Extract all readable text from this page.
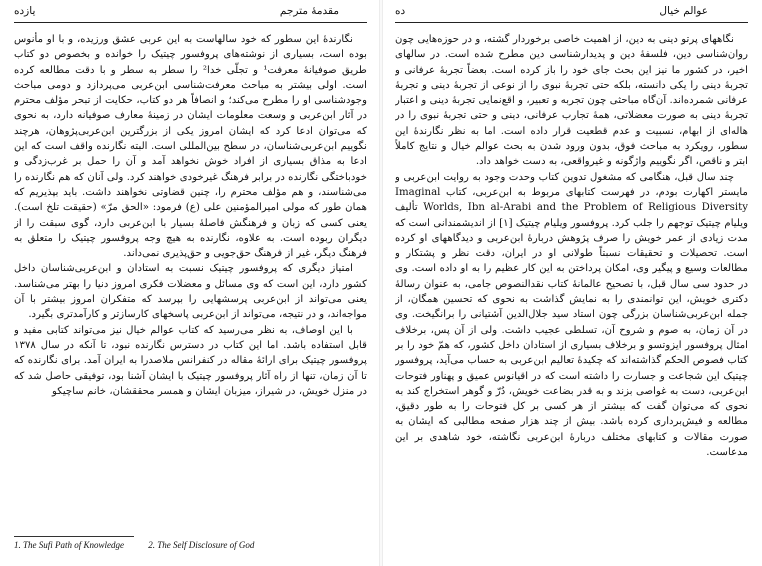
مقدمهٔ مترجم
یازده

نگارندهٔ این سطور که خود سالهاست به این عربی عشق ورزیده، و با او مأنوس بوده است، بسیاری از نوشته‌های پروفسور چیتیک را خوانده و بخصوص دو کتاب طریق صوفیانهٔ معرفت¹ و تجلّی خدا² را سطر به سطر و با دقت مطالعه کرده است. اولی بیشتر به مباحث معرفت‌شناسی ابن‌عربی می‌پردازد و دومی مباحث وجودشناسی او را مطرح می‌کند؛ و انصافاً هر دو کتاب، حکایت از تبحر مؤلف محترم در آثار ابن‌عربی و وسعت معلومات ایشان در زمینهٔ معارف صوفیانه دارد، به نحوی که می‌توان ادعا کرد که ایشان امروز یکی از بزرگترین ابن‌عربی‌پژوهان، هرچند نگوییم ابن‌عربی‌شناسان، در سطح بین‌المللی است. البته نگارنده واقف است که این ادعا به مذاق بسیاری از افراد خوش نخواهد آمد و آن را حمل بر غرب‌زدگی و خودباختگی نگارنده در برابر فرهنگ غیرخودی خواهند کرد. ولی آنان که هم نگارنده را می‌شناسند، و هم مؤلف محترم را، چنین قضاوتی نخواهند داشت. باید بپذیریم که همان طور که مولی امیرالمؤمنین علی (ع) فرمود: «الحق مرّ» (حقیقت تلخ است). یعنی کسی که زبان و فرهنگش فاصلهٔ بسیار با ابن‌عربی دارد، گوی سبقت را از دیگران ربوده است. به علاوه، نگارنده به هیچ وجه پروفسور چیتیک را متعلق به فرهنگ دیگر، غیر از فرهنگ حق‌جویی و حق‌پذیری نمی‌داند.

امتیاز دیگری که پروفسور چیتیک نسبت به استادان و ابن‌عربی‌شناسان داخل کشور دارد، این است که وی مسائل و معضلات فکری امروز دنیا را بهتر می‌شناسد. یعنی می‌تواند از ابن‌عربی پرسشهایی را بپرسد که متفکران امروز بیشتر با آن مواجه‌اند، و در نتیجه، می‌تواند از ابن‌عربی پاسخهای کارسازتر و کارآمدتری بگیرد.

با این اوصاف، به نظر می‌رسید که کتاب عوالم خیال نیز می‌تواند کتابی مفید و قابل استفاده باشد. اما این کتاب در دسترس نگارنده نبود، تا آنکه در سال ۱۳۷۸ پروفسور چیتیک برای ارائهٔ مقاله در کنفرانس ملاصدرا به ایران آمد. برای نگارنده که تا آن زمان، تنها از راه آثار پروفسور چیتیک با ایشان آشنا بود، توفیقی حاصل شد که در منزل خویش، در شیراز، میزبان ایشان و همسر محققشان، خانم ساچیکو

1. The Sufi Path of Knowledge	2. The Self Disclosure of God
عوالم خیال
ده

نگاههای پرتو دینی به دین، از اهمیت خاصی برخوردار گشته، و در حوزه‌هایی چون روان‌شناسی دین، فلسفهٔ دین و پدیدارشناسی دین مطرح شده است. در سالهای اخیر، در کشور ما نیز این بحث جای خود را باز کرده است. بعضاً تجربهٔ عرفانی و تجربهٔ دینی را یکی دانسته، بلکه حتی تجربهٔ نبوی را از نوعی از تجربهٔ دینی و تجربهٔ عرفانی شمرده‌اند. آن‌گاه مباحثی چون تجربه و تعبیر، و اقع‌نمایی تجربهٔ دینی و اعتبار تجربهٔ دینی به صورت معضلاتی، همهٔ تجارب عرفانی، دینی و حتی تجربهٔ نبوی را در هاله‌ای از ابهام، نسبیت و عدم قطعیت قرار داده است. اما به نظر نگارندهٔ این سطور، رویکرد به مباحث فوق، بدون ورود شدن به بحث عوالم خیال و نتایج کاملاً ابتر و ناقص، اگر نگوییم واژگونه و غیرواقعی، به دست خواهد داد.

چند سال قبل، هنگامی که مشغول تدوین کتاب وحدت وجود به روایت ابن‌عربی و مایستر اکهارت بودم، در فهرست کتابهای مربوط به ابن‌عربی، کتاب Imaginal Worlds, Ibn al-Arabi and the Problem of Religious Diversity تألیف ویلیام چیتیک توجهم را جلب کرد. پروفسور ویلیام چیتیک [۱] از اندیشمندانی است که مدت زیادی از عمر خویش را صرف پژوهش دربارهٔ ابن‌عربی و دیدگاههای او کرده است. تحصیلات و تحقیقات نسبتاً طولانی او در ایران، دقت نظر و پشتکار و مطالعات وسیع و پیگیر وی، امکان پرداختن به این کار عظیم را به او داده است. وی در حدود سی سال قبل، با تصحیح عالمانهٔ کتاب نقدالنصوص جامی، به عنوان رسالهٔ دکتری خویش، این توانمندی را به نمایش گذاشت به نحوی که تحسین همگان، از جمله ابن‌عربی‌شناسان بزرگی چون استاد سید جلال‌الدین آشتیانی را برانگیخت. وی در آن زمان، به صوم و شروح آن، تسلطی عجیب داشت. ولی از آن پس، برخلاف امثال پروفسور ایزوتسو و برخلاف بسیاری از استادان داخل کشور، که همّ خود را بر کتاب فصوص الحکم گذاشته‌اند که چکیدهٔ تعالیم ابن‌عربی به حساب می‌آید، پروفسور چیتیک این شجاعت و جسارت را داشته است که در اقیانوس عمیق و پهناور فتوحات ابن‌عربی، دست به غواصی بزند و به قدر بضاعت خویش، دُرّ و گوهر استخراج کند به نحوی که می‌توان گفت که بیشتر از هر کسی بر کل فتوحات را به طور دقیق، مطالعه و فیش‌برداری کرده باشد. بیش از چند هزار صفحه مطالبی که ایشان به صورت مقالات و کتابهای مختلف دربارهٔ ابن‌عربی نگاشته، خود شاهدی بر این مدعاست.
